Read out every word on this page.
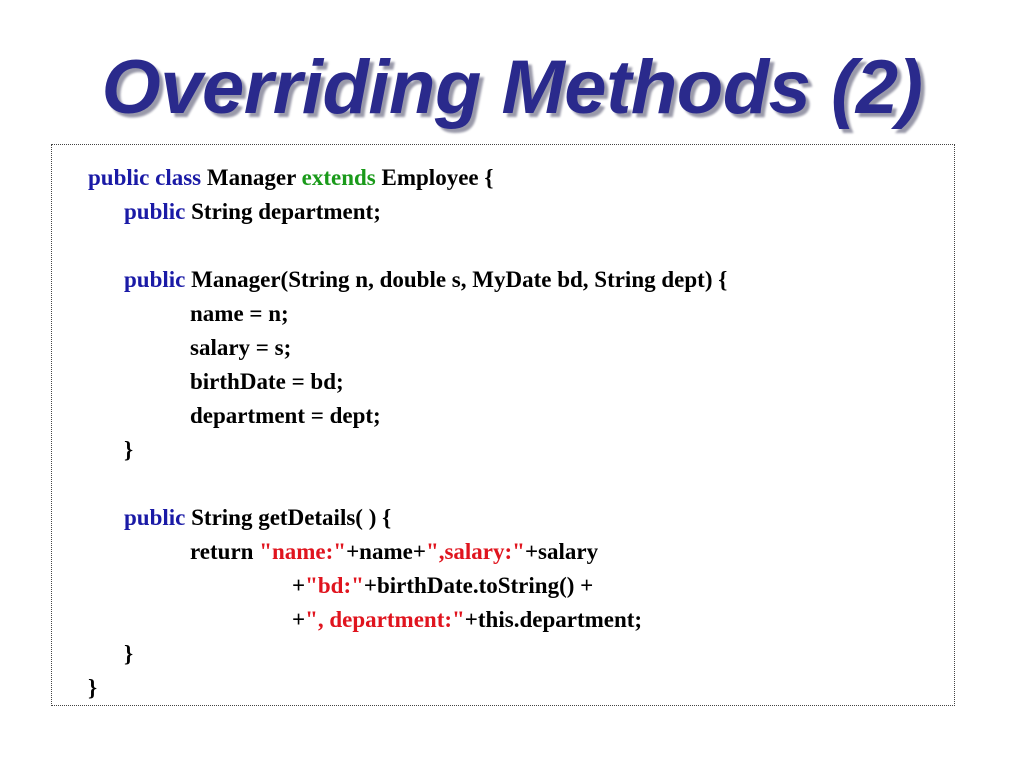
Overriding Methods (2)
public class Manager extends Employee {
public String department;
public Manager(String n, double s, MyDate bd, String dept) {
name = n;
salary = s;
birthDate = bd;
department = dept;
}
public String getDetails( ) {
return "name:"+name+",salary:"+salary
+"bd:"+birthDate.toString() +
+", department:"+this.department;
}
}
